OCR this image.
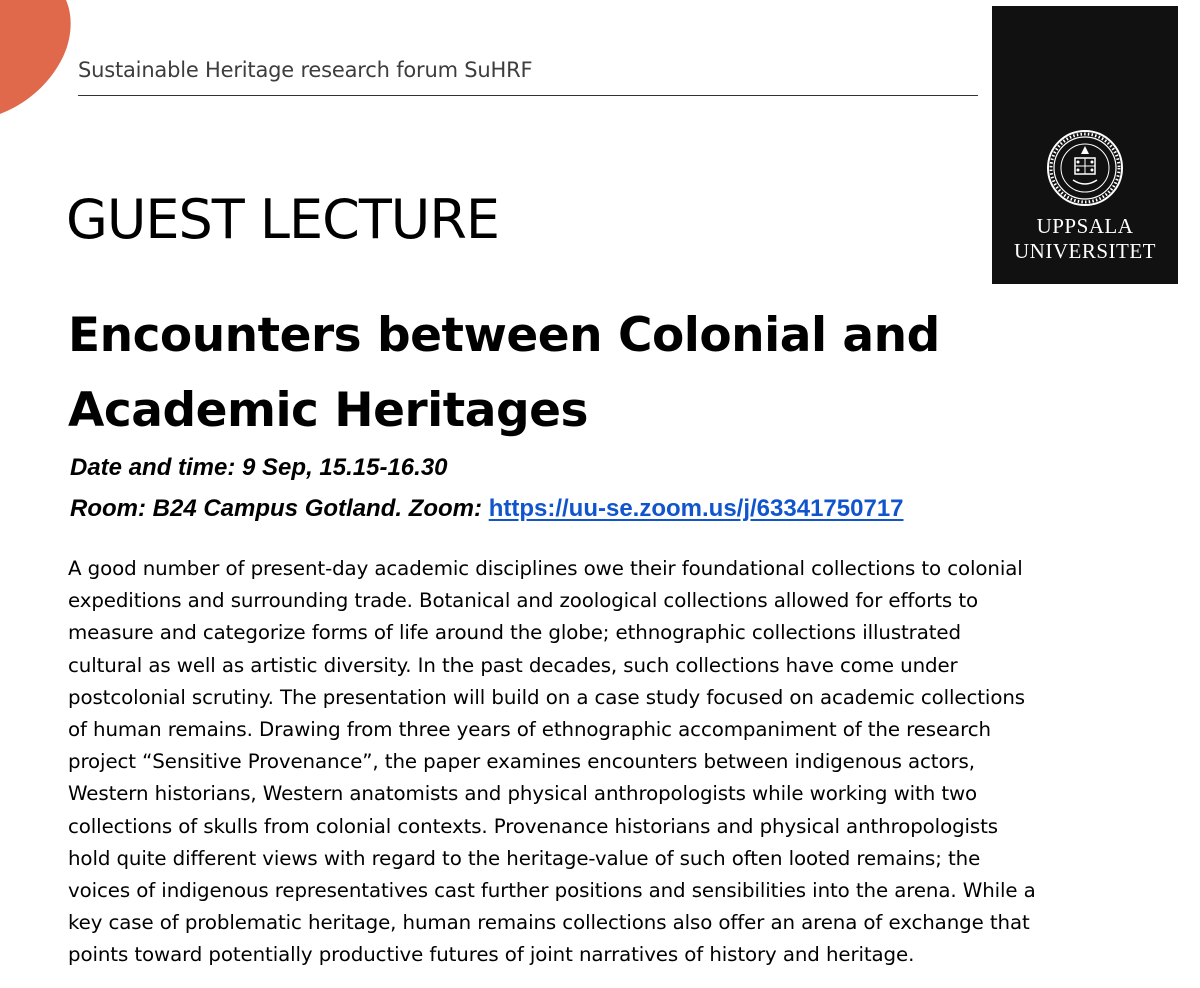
Sustainable Heritage research forum SuHRF
UPPSALA
UNIVERSITET
GUEST LECTURE
Encounters between Colonial and
Academic Heritages
Date and time: 9 Sep, 15.15-16.30
Room: B24 Campus Gotland. Zoom: https://uu-se.zoom.us/j/63341750717
A good number of present-day academic disciplines owe their foundational collections to colonial
expeditions and surrounding trade. Botanical and zoological collections allowed for efforts to
measure and categorize forms of life around the globe; ethnographic collections illustrated
cultural as well as artistic diversity. In the past decades, such collections have come under
postcolonial scrutiny. The presentation will build on a case study focused on academic collections
of human remains. Drawing from three years of ethnographic accompaniment of the research
project “Sensitive Provenance”, the paper examines encounters between indigenous actors,
Western historians, Western anatomists and physical anthropologists while working with two
collections of skulls from colonial contexts. Provenance historians and physical anthropologists
hold quite different views with regard to the heritage-value of such often looted remains; the
voices of indigenous representatives cast further positions and sensibilities into the arena. While a
key case of problematic heritage, human remains collections also offer an arena of exchange that
points toward potentially productive futures of joint narratives of history and heritage.
